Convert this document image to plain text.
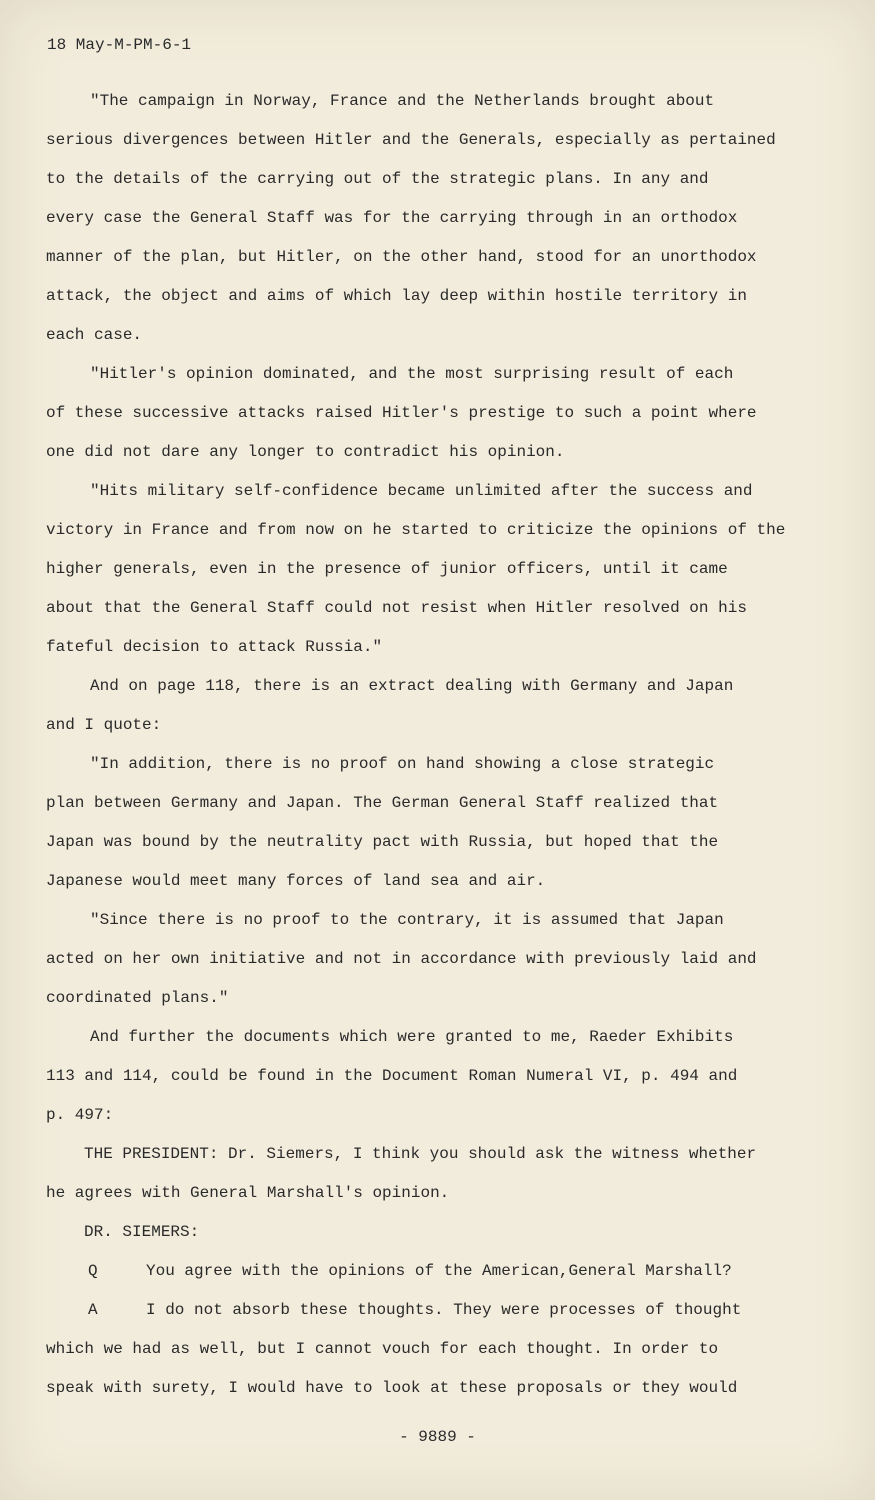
18 May-M-PM-6-1
"The campaign in Norway, France and the Netherlands brought about
serious divergences between Hitler and the Generals, especially as pertained
to the details of the carrying out of the strategic plans. In any and
every case the General Staff was for the carrying through in an orthodox
manner of the plan, but Hitler, on the other hand, stood for an unorthodox
attack, the object and aims of which lay deep within hostile territory in
each case.
"Hitler's opinion dominated, and the most surprising result of each
of these successive attacks raised Hitler's prestige to such a point where
one did not dare any longer to contradict his opinion.
"Hits military self-confidence became unlimited after the success and
victory in France and from now on he started to criticize the opinions of the
higher generals, even in the presence of junior officers, until it came
about that the General Staff could not resist when Hitler resolved on his
fateful decision to attack Russia."
And on page 118, there is an extract dealing with Germany and Japan
and I quote:
"In addition, there is no proof on hand showing a close strategic
plan between Germany and Japan. The German General Staff realized that
Japan was bound by the neutrality pact with Russia, but hoped that the
Japanese would meet many forces of land sea and air.
"Since there is no proof to the contrary, it is assumed that Japan
acted on her own initiative and not in accordance with previously laid and
coordinated plans."
And further the documents which were granted to me, Raeder Exhibits
113 and 114, could be found in the Document Roman Numeral VI, p. 494 and
p. 497:
THE PRESIDENT: Dr. Siemers, I think you should ask the witness whether
he agrees with General Marshall's opinion.
DR. SIEMERS:
Q	You agree with the opinions of the American,General Marshall?
A	I do not absorb these thoughts. They were processes of thought
which we had as well, but I cannot vouch for each thought. In order to
speak with surety, I would have to look at these proposals or they would
- 9889 -
